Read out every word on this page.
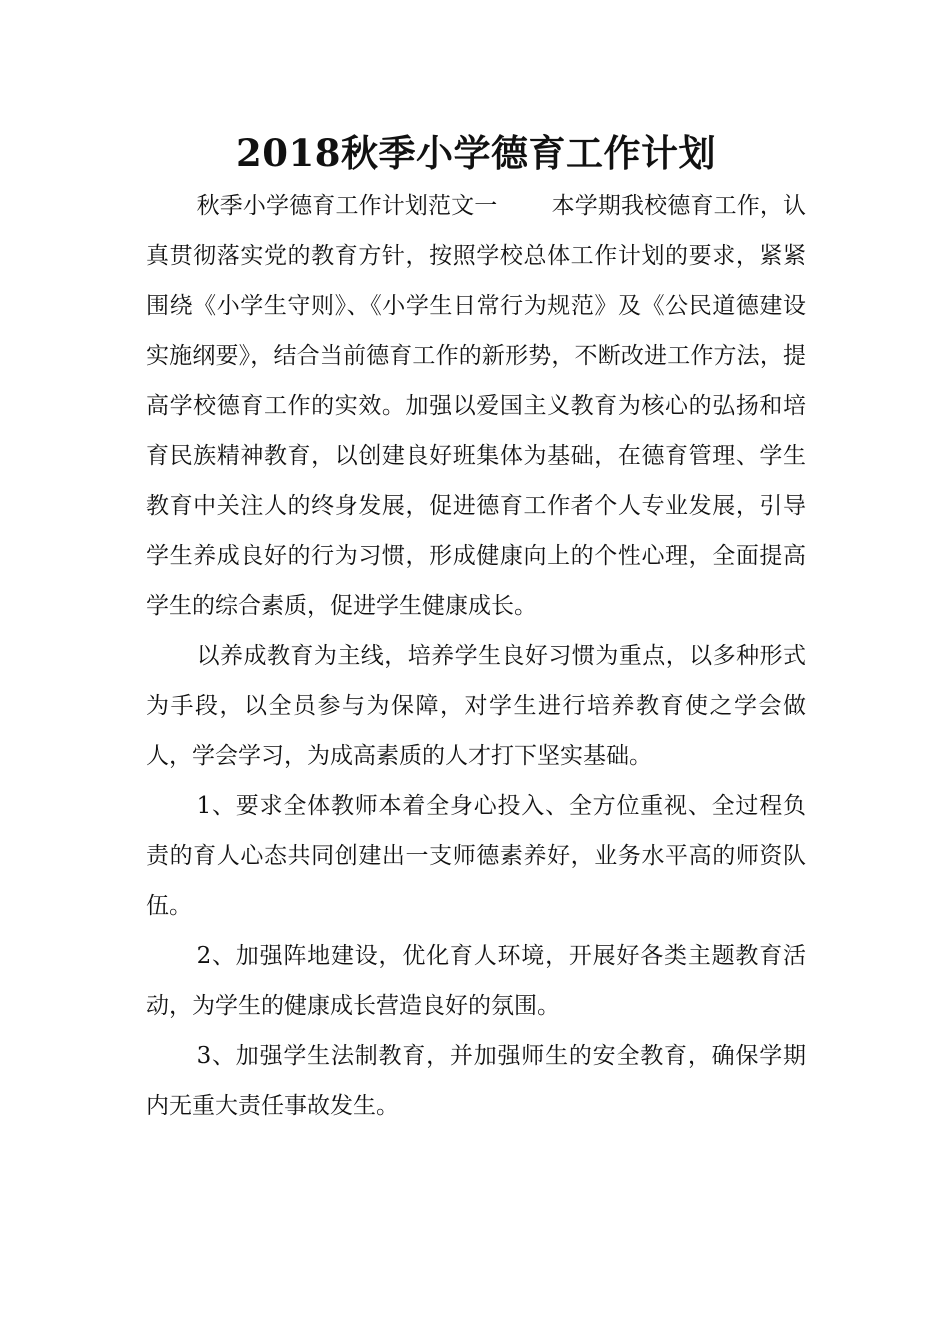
2018秋季小学德育工作计划

秋季小学德育工作计划范文一 本学期我校德育工作，认真贯彻落实党的教育方针，按照学校总体工作计划的要求，紧紧围绕《小学生守则》、《小学生日常行为规范》及《公民道德建设实施纲要》，结合当前德育工作的新形势，不断改进工作方法，提高学校德育工作的实效。加强以爱国主义教育为核心的弘扬和培育民族精神教育，以创建良好班集体为基础，在德育管理、学生教育中关注人的终身发展，促进德育工作者个人专业发展，引导学生养成良好的行为习惯，形成健康向上的个性心理，全面提高学生的综合素质，促进学生健康成长。

以养成教育为主线，培养学生良好习惯为重点，以多种形式为手段，以全员参与为保障，对学生进行培养教育使之学会做人，学会学习，为成高素质的人才打下坚实基础。

1、要求全体教师本着全身心投入、全方位重视、全过程负责的育人心态共同创建出一支师德素养好，业务水平高的师资队伍。

2、加强阵地建设，优化育人环境，开展好各类主题教育活动，为学生的健康成长营造良好的氛围。

3、加强学生法制教育，并加强师生的安全教育，确保学期内无重大责任事故发生。
